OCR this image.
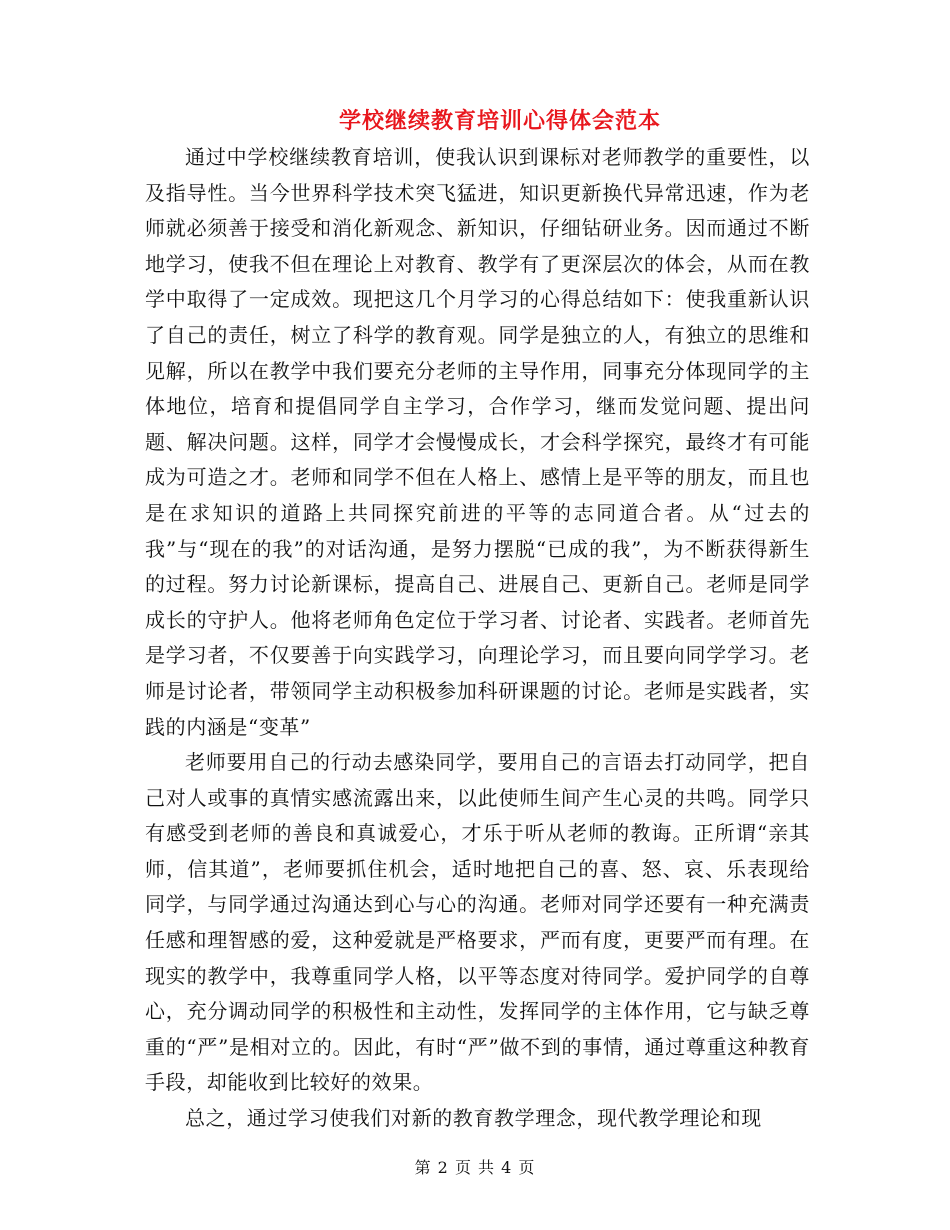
学校继续教育培训心得体会范本

通过中学校继续教育培训，使我认识到课标对老师教学的重要性，以及指导性。当今世界科学技术突飞猛进，知识更新换代异常迅速，作为老师就必须善于接受和消化新观念、新知识，仔细钻研业务。因而通过不断地学习，使我不但在理论上对教育、教学有了更深层次的体会，从而在教学中取得了一定成效。现把这几个月学习的心得总结如下：使我重新认识了自己的责任，树立了科学的教育观。同学是独立的人，有独立的思维和见解，所以在教学中我们要充分老师的主导作用，同事充分体现同学的主体地位，培育和提倡同学自主学习，合作学习，继而发觉问题、提出问题、解决问题。这样，同学才会慢慢成长，才会科学探究，最终才有可能成为可造之才。老师和同学不但在人格上、感情上是平等的朋友，而且也是在求知识的道路上共同探究前进的平等的志同道合者。从“过去的我”与“现在的我”的对话沟通，是努力摆脱“已成的我”，为不断获得新生的过程。努力讨论新课标，提高自己、进展自己、更新自己。老师是同学成长的守护人。他将老师角色定位于学习者、讨论者、实践者。老师首先是学习者，不仅要善于向实践学习，向理论学习，而且要向同学学习。老师是讨论者，带领同学主动积极参加科研课题的讨论。老师是实践者，实践的内涵是“变革”

老师要用自己的行动去感染同学，要用自己的言语去打动同学，把自己对人或事的真情实感流露出来，以此使师生间产生心灵的共鸣。同学只有感受到老师的善良和真诚爱心，才乐于听从老师的教诲。正所谓“亲其师，信其道”，老师要抓住机会，适时地把自己的喜、怒、哀、乐表现给同学，与同学通过沟通达到心与心的沟通。老师对同学还要有一种充满责任感和理智感的爱，这种爱就是严格要求，严而有度，更要严而有理。在现实的教学中，我尊重同学人格，以平等态度对待同学。爱护同学的自尊心，充分调动同学的积极性和主动性，发挥同学的主体作用，它与缺乏尊重的“严”是相对立的。因此，有时“严”做不到的事情，通过尊重这种教育手段，却能收到比较好的效果。

总之，通过学习使我们对新的教育教学理念，现代教学理论和现

第 2 页 共 4 页
